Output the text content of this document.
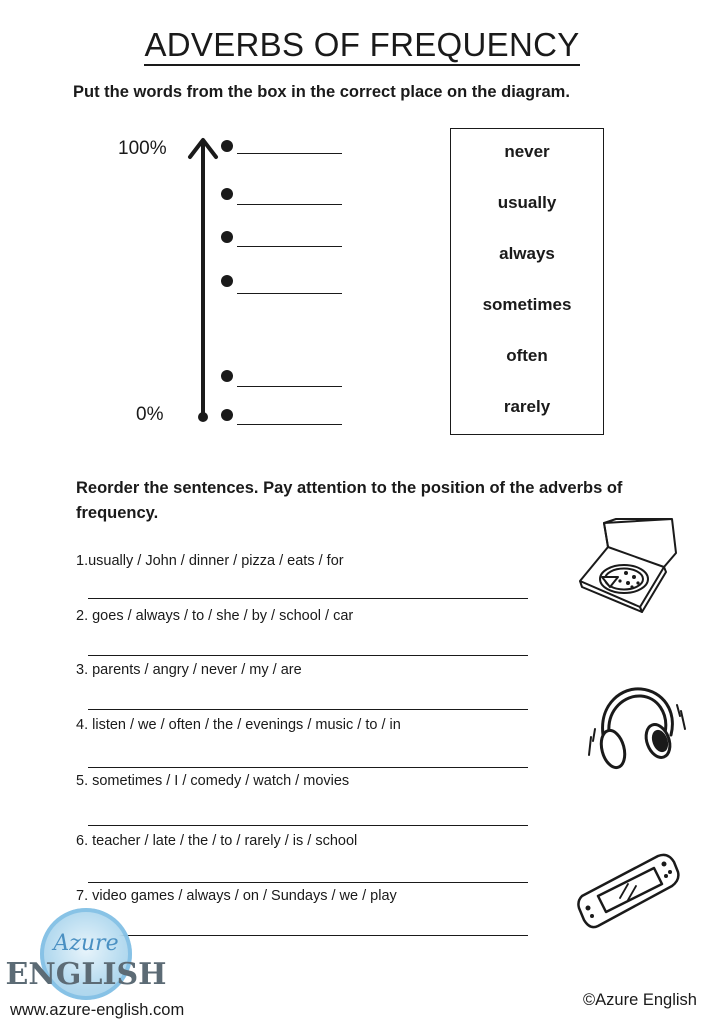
ADVERBS OF FREQUENCY
Put the words from the box in the correct place on the diagram.
100%
0%
never
usually
always
sometimes
often
rarely
Reorder the sentences. Pay attention to the position of the adverbs of frequency.
1.usually / John / dinner / pizza / eats / for
2. goes / always / to / she / by / school / car
3. parents / angry / never / my / are
4. listen / we / often / the / evenings / music / to / in
5. sometimes / I / comedy / watch / movies
6. teacher / late / the / to / rarely / is / school
7. video games / always / on / Sundays / we / play
Azure
ENGLISH
www.azure-english.com
©Azure English
